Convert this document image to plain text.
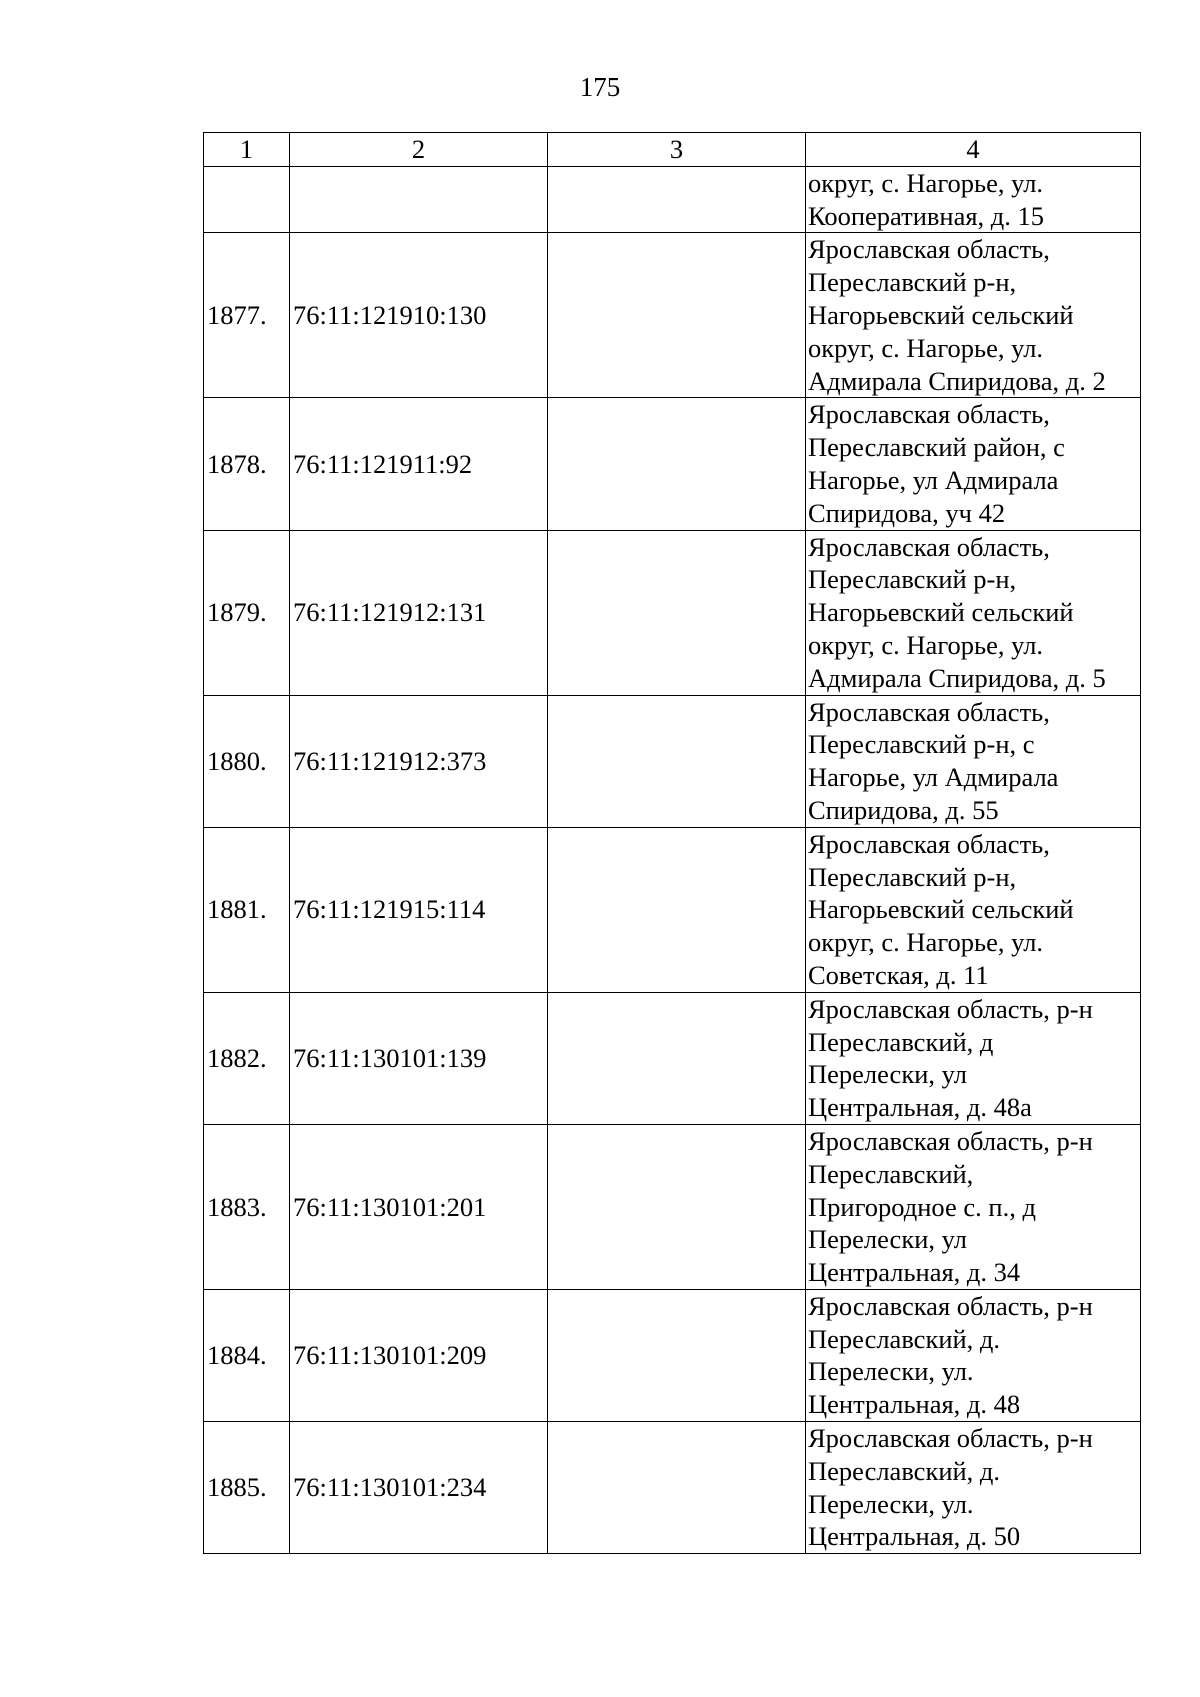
175
1	2	3	4

			округ, с. Нагорье, ул.
Кооперативная, д. 15

1877.	76:11:121910:130		Ярославская область,
Переславский р-н,
Нагорьевский сельский
округ, с. Нагорье, ул.
Адмирала Спиридова, д. 2

1878.	76:11:121911:92		Ярославская область,
Переславский район, с
Нагорье, ул Адмирала
Спиридова, уч 42

1879.	76:11:121912:131		Ярославская область,
Переславский р-н,
Нагорьевский сельский
округ, с. Нагорье, ул.
Адмирала Спиридова, д. 5

1880.	76:11:121912:373		Ярославская область,
Переславский р-н, с
Нагорье, ул Адмирала
Спиридова, д. 55

1881.	76:11:121915:114		Ярославская область,
Переславский р-н,
Нагорьевский сельский
округ, с. Нагорье, ул.
Советская, д. 11

1882.	76:11:130101:139		Ярославская область, р-н
Переславский, д
Перелески, ул
Центральная, д. 48а

1883.	76:11:130101:201		Ярославская область, р-н
Переславский,
Пригородное с. п., д
Перелески, ул
Центральная, д. 34

1884.	76:11:130101:209		Ярославская область, р-н
Переславский, д.
Перелески, ул.
Центральная, д. 48

1885.	76:11:130101:234		Ярославская область, р-н
Переславский, д.
Перелески, ул.
Центральная, д. 50
